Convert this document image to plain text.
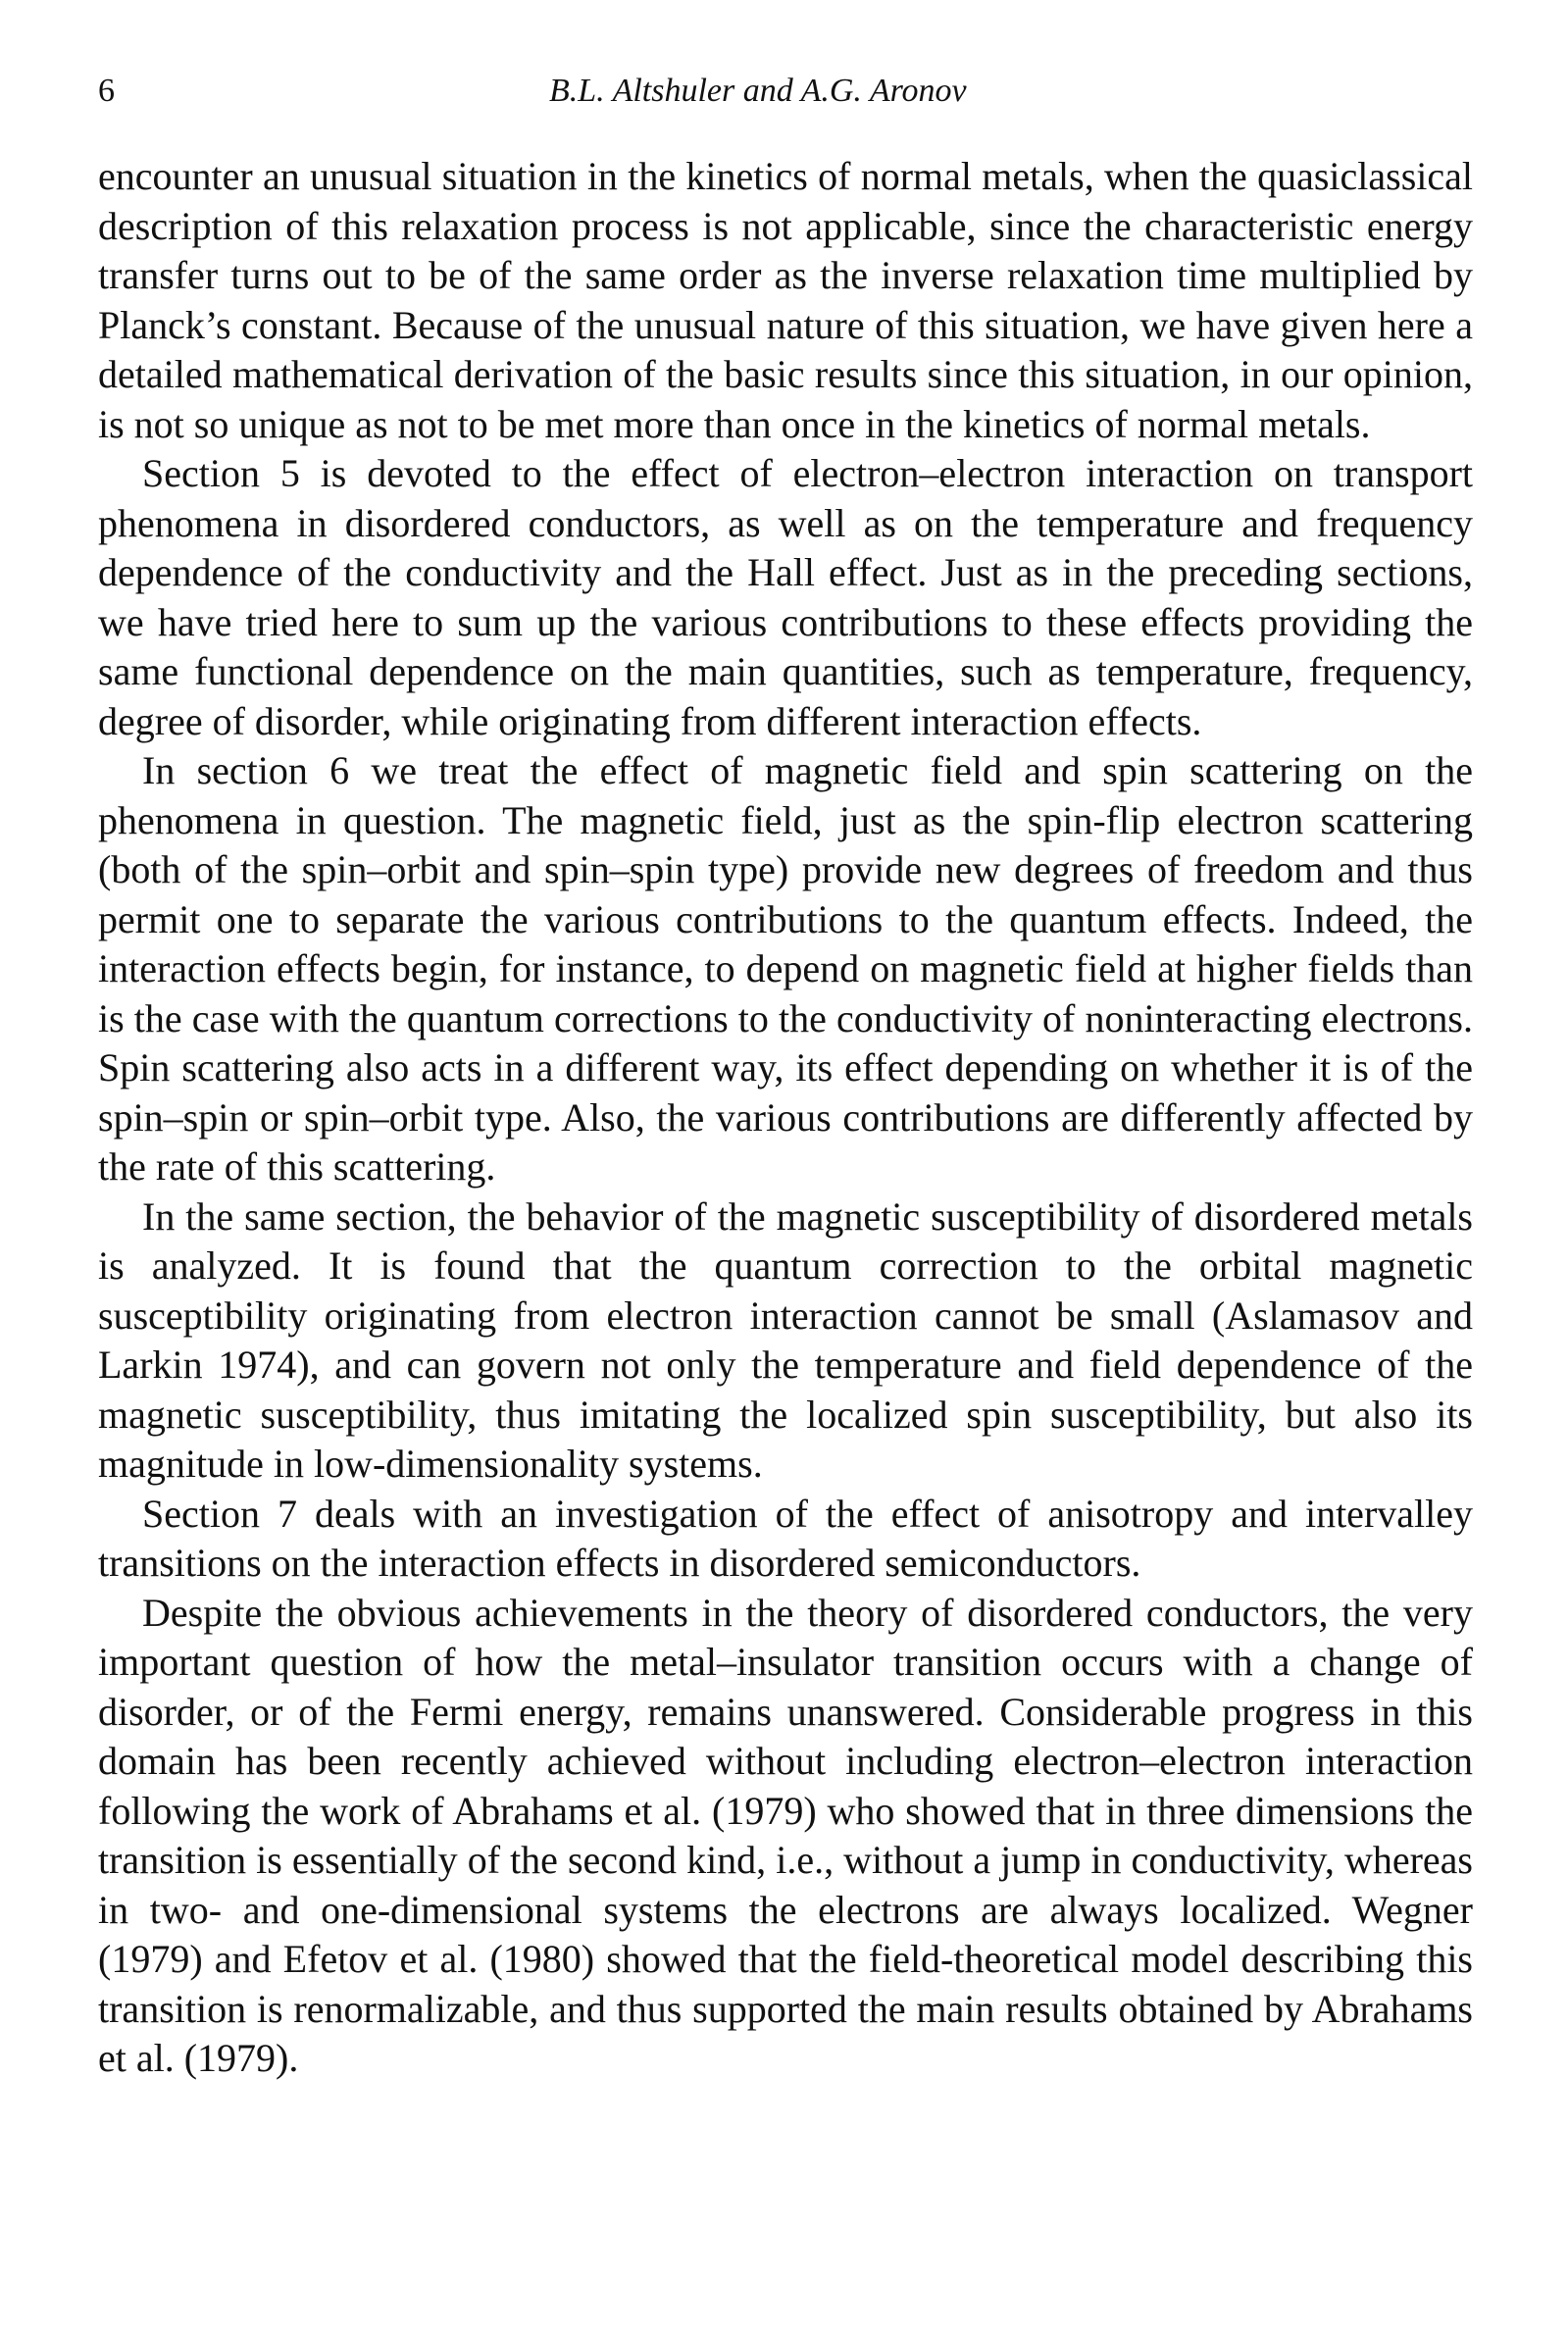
6	B.L. Altshuler and A.G. Aronov

encounter an unusual situation in the kinetics of normal metals, when the quasiclassical description of this relaxation process is not applicable, since the characteristic energy transfer turns out to be of the same order as the inverse relaxation time multiplied by Planck’s constant. Because of the unusual nature of this situation, we have given here a detailed mathematical derivation of the basic results since this situation, in our opinion, is not so unique as not to be met more than once in the kinetics of normal metals.

Section 5 is devoted to the effect of electron–electron interaction on transport phenomena in disordered conductors, as well as on the temperature and frequency dependence of the conductivity and the Hall effect. Just as in the preceding sections, we have tried here to sum up the various contributions to these effects providing the same functional dependence on the main quantities, such as temperature, frequency, degree of disorder, while originating from different interaction effects.

In section 6 we treat the effect of magnetic field and spin scattering on the phenomena in question. The magnetic field, just as the spin-flip electron scattering (both of the spin–orbit and spin–spin type) provide new degrees of freedom and thus permit one to separate the various contributions to the quantum effects. Indeed, the interaction effects begin, for instance, to depend on magnetic field at higher fields than is the case with the quantum corrections to the conductivity of noninteracting electrons. Spin scattering also acts in a different way, its effect depending on whether it is of the spin–spin or spin–orbit type. Also, the various contributions are differently affected by the rate of this scattering.

In the same section, the behavior of the magnetic susceptibility of disordered metals is analyzed. It is found that the quantum correction to the orbital magnetic susceptibility originating from electron interaction cannot be small (Aslamasov and Larkin 1974), and can govern not only the temperature and field dependence of the magnetic susceptibility, thus imitating the localized spin susceptibility, but also its magnitude in low-dimensionality systems.

Section 7 deals with an investigation of the effect of anisotropy and intervalley transitions on the interaction effects in disordered semiconductors.

Despite the obvious achievements in the theory of disordered conductors, the very important question of how the metal–insulator transition occurs with a change of disorder, or of the Fermi energy, remains unanswered. Considerable progress in this domain has been recently achieved without including electron–electron interaction following the work of Abrahams et al. (1979) who showed that in three dimensions the transition is essentially of the second kind, i.e., without a jump in conductivity, whereas in two- and one-dimensional systems the electrons are always localized. Wegner (1979) and Efetov et al. (1980) showed that the field-theoretical model describing this transition is renormalizable, and thus supported the main results obtained by Abrahams et al. (1979).
